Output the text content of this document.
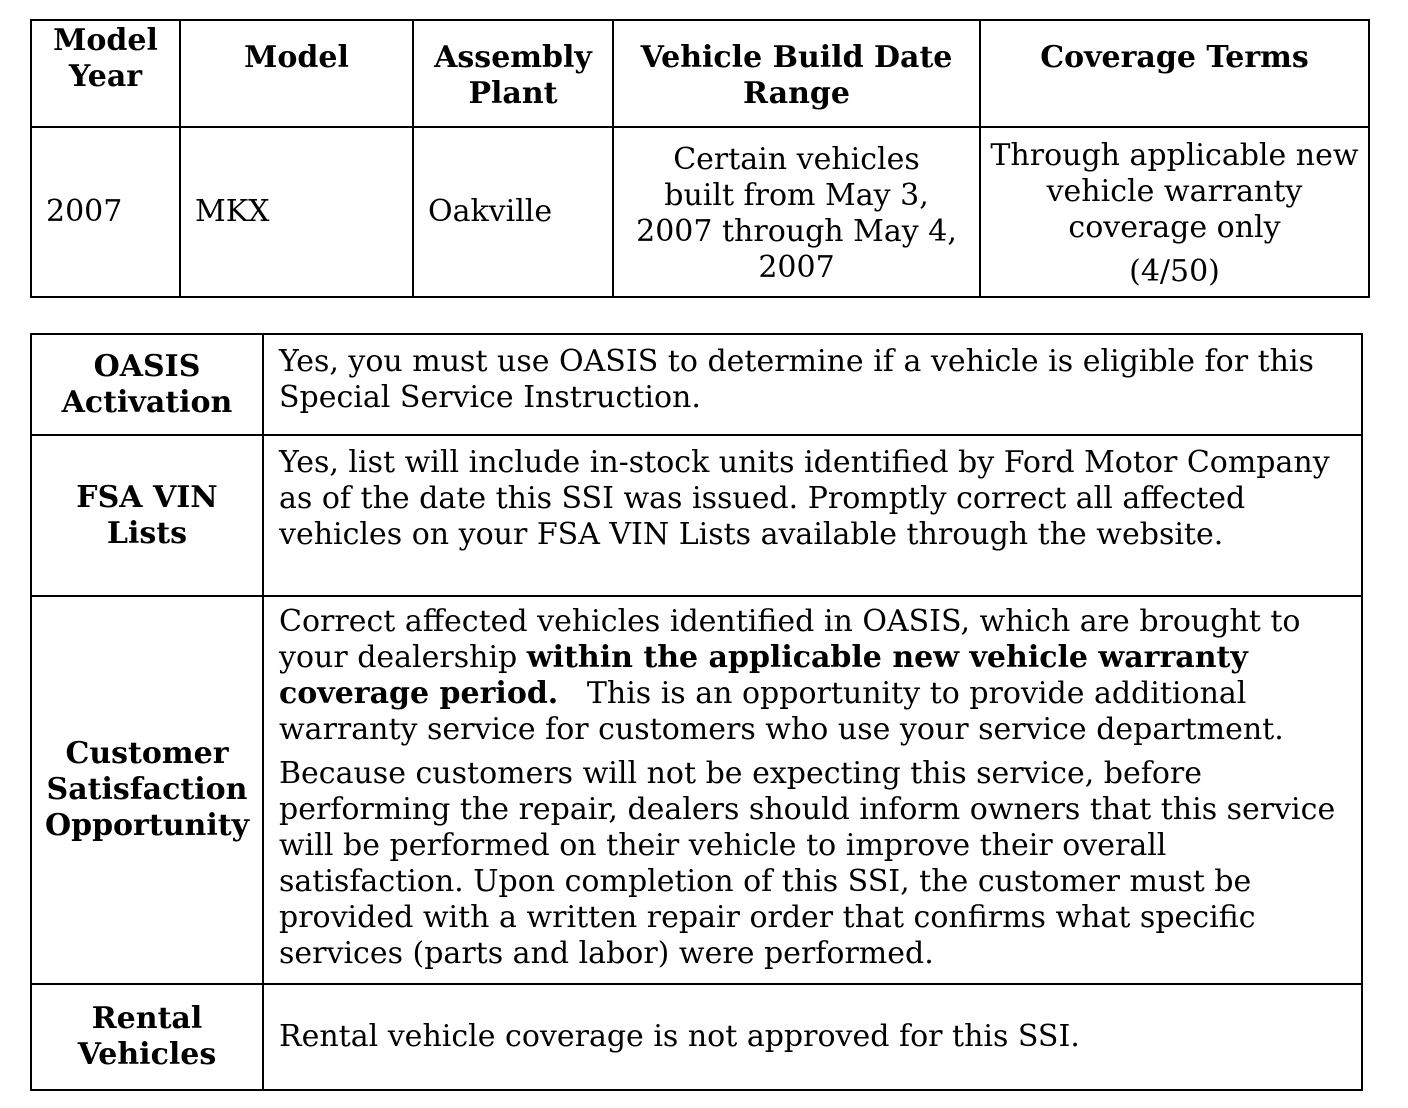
Model Year	Model	Assembly Plant	Vehicle Build Date Range	Coverage Terms
2007	MKX	Oakville	Certain vehicles built from May 3, 2007 through May 4, 2007	Through applicable new vehicle warranty coverage only
(4/50)
OASIS Activation	Yes, you must use OASIS to determine if a vehicle is eligible for this Special Service Instruction.
FSA VIN Lists	Yes, list will include in-stock units identified by Ford Motor Company as of the date this SSI was issued. Promptly correct all affected vehicles on your FSA VIN Lists available through the website.
Customer Satisfaction Opportunity	Correct affected vehicles identified in OASIS, which are brought to your dealership within the applicable new vehicle warranty coverage period.   This is an opportunity to provide additional warranty service for customers who use your service department.
Because customers will not be expecting this service, before performing the repair, dealers should inform owners that this service will be performed on their vehicle to improve their overall satisfaction. Upon completion of this SSI, the customer must be provided with a written repair order that confirms what specific services (parts and labor) were performed.

Rental Vehicles	Rental vehicle coverage is not approved for this SSI.
